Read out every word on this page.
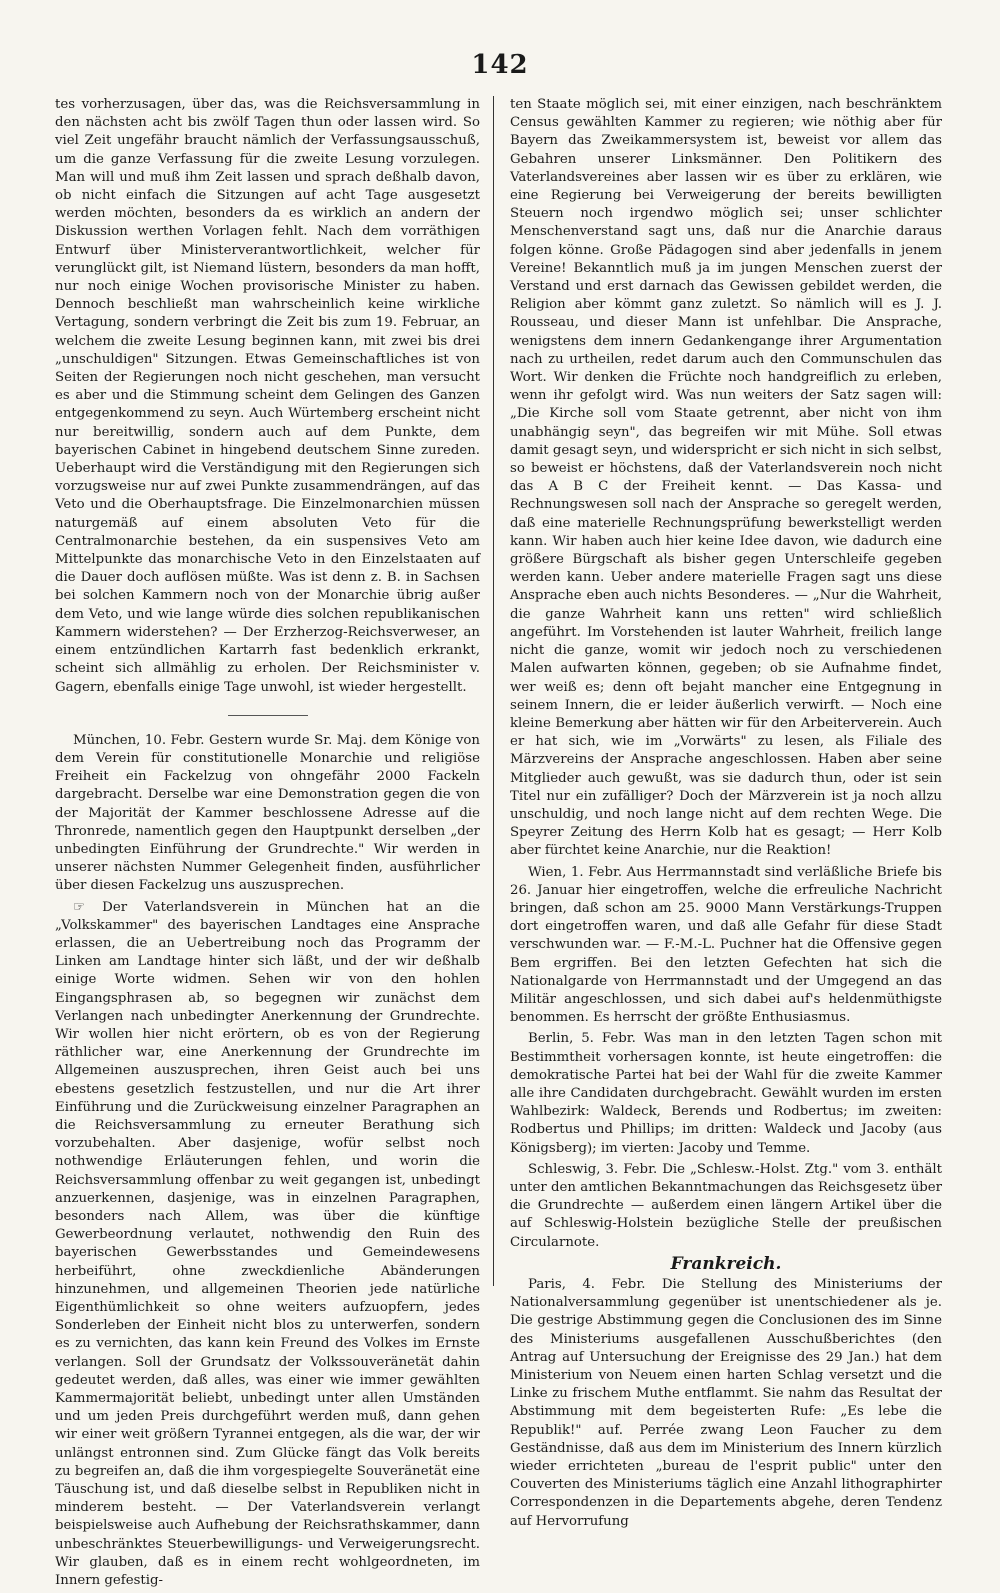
142

tes vorherzusagen, über das, was die Reichsversammlung in den nächsten acht bis zwölf Tagen thun oder lassen wird. So viel Zeit ungefähr braucht nämlich der Verfassungsausschuß, um die ganze Verfassung für die zweite Lesung vorzulegen. Man will und muß ihm Zeit lassen und sprach deßhalb davon, ob nicht einfach die Sitzungen auf acht Tage ausgesetzt werden möchten, besonders da es wirklich an andern der Diskussion werthen Vorlagen fehlt. Nach dem vorräthigen Entwurf über Ministerverantwortlichkeit, welcher für verunglückt gilt, ist Niemand lüstern, besonders da man hofft, nur noch einige Wochen provisorische Minister zu haben. Dennoch beschließt man wahrscheinlich keine wirkliche Vertagung, sondern verbringt die Zeit bis zum 19. Februar, an welchem die zweite Lesung beginnen kann, mit zwei bis drei „unschuldigen" Sitzungen. Etwas Gemeinschaftliches ist von Seiten der Regierungen noch nicht geschehen, man versucht es aber und die Stimmung scheint dem Gelingen des Ganzen entgegenkommend zu seyn. Auch Würtemberg erscheint nicht nur bereitwillig, sondern auch auf dem Punkte, dem bayerischen Cabinet in hingebend deutschem Sinne zureden. Ueberhaupt wird die Verständigung mit den Regierungen sich vorzugsweise nur auf zwei Punkte zusammendrängen, auf das Veto und die Oberhauptsfrage. Die Einzelmonarchien müssen naturgemäß auf einem absoluten Veto für die Centralmonarchie bestehen, da ein suspensives Veto am Mittelpunkte das monarchische Veto in den Einzelstaaten auf die Dauer doch auflösen müßte. Was ist denn z. B. in Sachsen bei solchen Kammern noch von der Monarchie übrig außer dem Veto, und wie lange würde dies solchen republikanischen Kammern widerstehen? — Der Erzherzog-Reichsverweser, an einem entzündlichen Kartarrh fast bedenklich erkrankt, scheint sich allmählig zu erholen. Der Reichsminister v. Gagern, ebenfalls einige Tage unwohl, ist wieder hergestellt.

München, 10. Febr. Gestern wurde Sr. Maj. dem Könige von dem Verein für constitutionelle Monarchie und religiöse Freiheit ein Fackelzug von ohngefähr 2000 Fackeln dargebracht. Derselbe war eine Demonstration gegen die von der Majorität der Kammer beschlossene Adresse auf die Thronrede, namentlich gegen den Hauptpunkt derselben „der unbedingten Einführung der Grundrechte." Wir werden in unserer nächsten Nummer Gelegenheit finden, ausführlicher über diesen Fackelzug uns auszusprechen.

☞ Der Vaterlandsverein in München hat an die „Volkskammer" des bayerischen Landtages eine Ansprache erlassen, die an Uebertreibung noch das Programm der Linken am Landtage hinter sich läßt, und der wir deßhalb einige Worte widmen. Sehen wir von den hohlen Eingangsphrasen ab, so begegnen wir zunächst dem Verlangen nach unbedingter Anerkennung der Grundrechte. Wir wollen hier nicht erörtern, ob es von der Regierung räthlicher war, eine Anerkennung der Grundrechte im Allgemeinen auszusprechen, ihren Geist auch bei uns ebestens gesetzlich festzustellen, und nur die Art ihrer Einführung und die Zurückweisung einzelner Paragraphen an die Reichsversammlung zu erneuter Berathung sich vorzubehalten. Aber dasjenige, wofür selbst noch nothwendige Erläuterungen fehlen, und worin die Reichsversammlung offenbar zu weit gegangen ist, unbedingt anzuerkennen, dasjenige, was in einzelnen Paragraphen, besonders nach Allem, was über die künftige Gewerbeordnung verlautet, nothwendig den Ruin des bayerischen Gewerbsstandes und Gemeindewesens herbeiführt, ohne zweckdienliche Abänderungen hinzunehmen, und allgemeinen Theorien jede natürliche Eigenthümlichkeit so ohne weiters aufzuopfern, jedes Sonderleben der Einheit nicht blos zu unterwerfen, sondern es zu vernichten, das kann kein Freund des Volkes im Ernste verlangen. Soll der Grundsatz der Volkssouveränetät dahin gedeutet werden, daß alles, was einer wie immer gewählten Kammermajorität beliebt, unbedingt unter allen Umständen und um jeden Preis durchgeführt werden muß, dann gehen wir einer weit größern Tyrannei entgegen, als die war, der wir unlängst entronnen sind. Zum Glücke fängt das Volk bereits zu begreifen an, daß die ihm vorgespiegelte Souveränetät eine Täuschung ist, und daß dieselbe selbst in Republiken nicht in minderem besteht. — Der Vaterlandsverein verlangt beispielsweise auch Aufhebung der Reichsrathskammer, dann unbeschränktes Steuerbewilligungs- und Verweigerungsrecht. Wir glauben, daß es in einem recht wohlgeordneten, im Innern gefestig-

ten Staate möglich sei, mit einer einzigen, nach beschränktem Census gewählten Kammer zu regieren; wie nöthig aber für Bayern das Zweikammersystem ist, beweist vor allem das Gebahren unserer Linksmänner. Den Politikern des Vaterlandsvereines aber lassen wir es über zu erklären, wie eine Regierung bei Verweigerung der bereits bewilligten Steuern noch irgendwo möglich sei; unser schlichter Menschenverstand sagt uns, daß nur die Anarchie daraus folgen könne. Große Pädagogen sind aber jedenfalls in jenem Vereine! Bekanntlich muß ja im jungen Menschen zuerst der Verstand und erst darnach das Gewissen gebildet werden, die Religion aber kömmt ganz zuletzt. So nämlich will es J. J. Rousseau, und dieser Mann ist unfehlbar. Die Ansprache, wenigstens dem innern Gedankengange ihrer Argumentation nach zu urtheilen, redet darum auch den Communschulen das Wort. Wir denken die Früchte noch handgreiflich zu erleben, wenn ihr gefolgt wird. Was nun weiters der Satz sagen will: „Die Kirche soll vom Staate getrennt, aber nicht von ihm unabhängig seyn", das begreifen wir mit Mühe. Soll etwas damit gesagt seyn, und widerspricht er sich nicht in sich selbst, so beweist er höchstens, daß der Vaterlandsverein noch nicht das A B C der Freiheit kennt. — Das Kassa- und Rechnungswesen soll nach der Ansprache so geregelt werden, daß eine materielle Rechnungsprüfung bewerkstelligt werden kann. Wir haben auch hier keine Idee davon, wie dadurch eine größere Bürgschaft als bisher gegen Unterschleife gegeben werden kann. Ueber andere materielle Fragen sagt uns diese Ansprache eben auch nichts Besonderes. — „Nur die Wahrheit, die ganze Wahrheit kann uns retten" wird schließlich angeführt. Im Vorstehenden ist lauter Wahrheit, freilich lange nicht die ganze, womit wir jedoch noch zu verschiedenen Malen aufwarten können, gegeben; ob sie Aufnahme findet, wer weiß es; denn oft bejaht mancher eine Entgegnung in seinem Innern, die er leider äußerlich verwirft. — Noch eine kleine Bemerkung aber hätten wir für den Arbeiterverein. Auch er hat sich, wie im „Vorwärts" zu lesen, als Filiale des Märzvereins der Ansprache angeschlossen. Haben aber seine Mitglieder auch gewußt, was sie dadurch thun, oder ist sein Titel nur ein zufälliger? Doch der Märzverein ist ja noch allzu unschuldig, und noch lange nicht auf dem rechten Wege. Die Speyrer Zeitung des Herrn Kolb hat es gesagt; — Herr Kolb aber fürchtet keine Anarchie, nur die Reaktion!

Wien, 1. Febr. Aus Herrmannstadt sind verläßliche Briefe bis 26. Januar hier eingetroffen, welche die erfreuliche Nachricht bringen, daß schon am 25. 9000 Mann Verstärkungs-Truppen dort eingetroffen waren, und daß alle Gefahr für diese Stadt verschwunden war. — F.-M.-L. Puchner hat die Offensive gegen Bem ergriffen. Bei den letzten Gefechten hat sich die Nationalgarde von Herrmannstadt und der Umgegend an das Militär angeschlossen, und sich dabei auf's heldenmüthigste benommen. Es herrscht der größte Enthusiasmus.

Berlin, 5. Febr. Was man in den letzten Tagen schon mit Bestimmtheit vorhersagen konnte, ist heute eingetroffen: die demokratische Partei hat bei der Wahl für die zweite Kammer alle ihre Candidaten durchgebracht. Gewählt wurden im ersten Wahlbezirk: Waldeck, Berends und Rodbertus; im zweiten: Rodbertus und Phillips; im dritten: Waldeck und Jacoby (aus Königsberg); im vierten: Jacoby und Temme.

Schleswig, 3. Febr. Die „Schlesw.-Holst. Ztg." vom 3. enthält unter den amtlichen Bekanntmachungen das Reichsgesetz über die Grundrechte — außerdem einen längern Artikel über die auf Schleswig-Holstein bezügliche Stelle der preußischen Circularnote.

Frankreich.

Paris, 4. Febr. Die Stellung des Ministeriums der Nationalversammlung gegenüber ist unentschiedener als je. Die gestrige Abstimmung gegen die Conclusionen des im Sinne des Ministeriums ausgefallenen Ausschußberichtes (den Antrag auf Untersuchung der Ereignisse des 29 Jan.) hat dem Ministerium von Neuem einen harten Schlag versetzt und die Linke zu frischem Muthe entflammt. Sie nahm das Resultat der Abstimmung mit dem begeisterten Rufe: „Es lebe die Republik!" auf. Perrée zwang Leon Faucher zu dem Geständnisse, daß aus dem im Ministerium des Innern kürzlich wieder errichteten „bureau de l'esprit public" unter den Couverten des Ministeriums täglich eine Anzahl lithographirter Correspondenzen in die Departements abgehe, deren Tendenz auf Hervorrufung
